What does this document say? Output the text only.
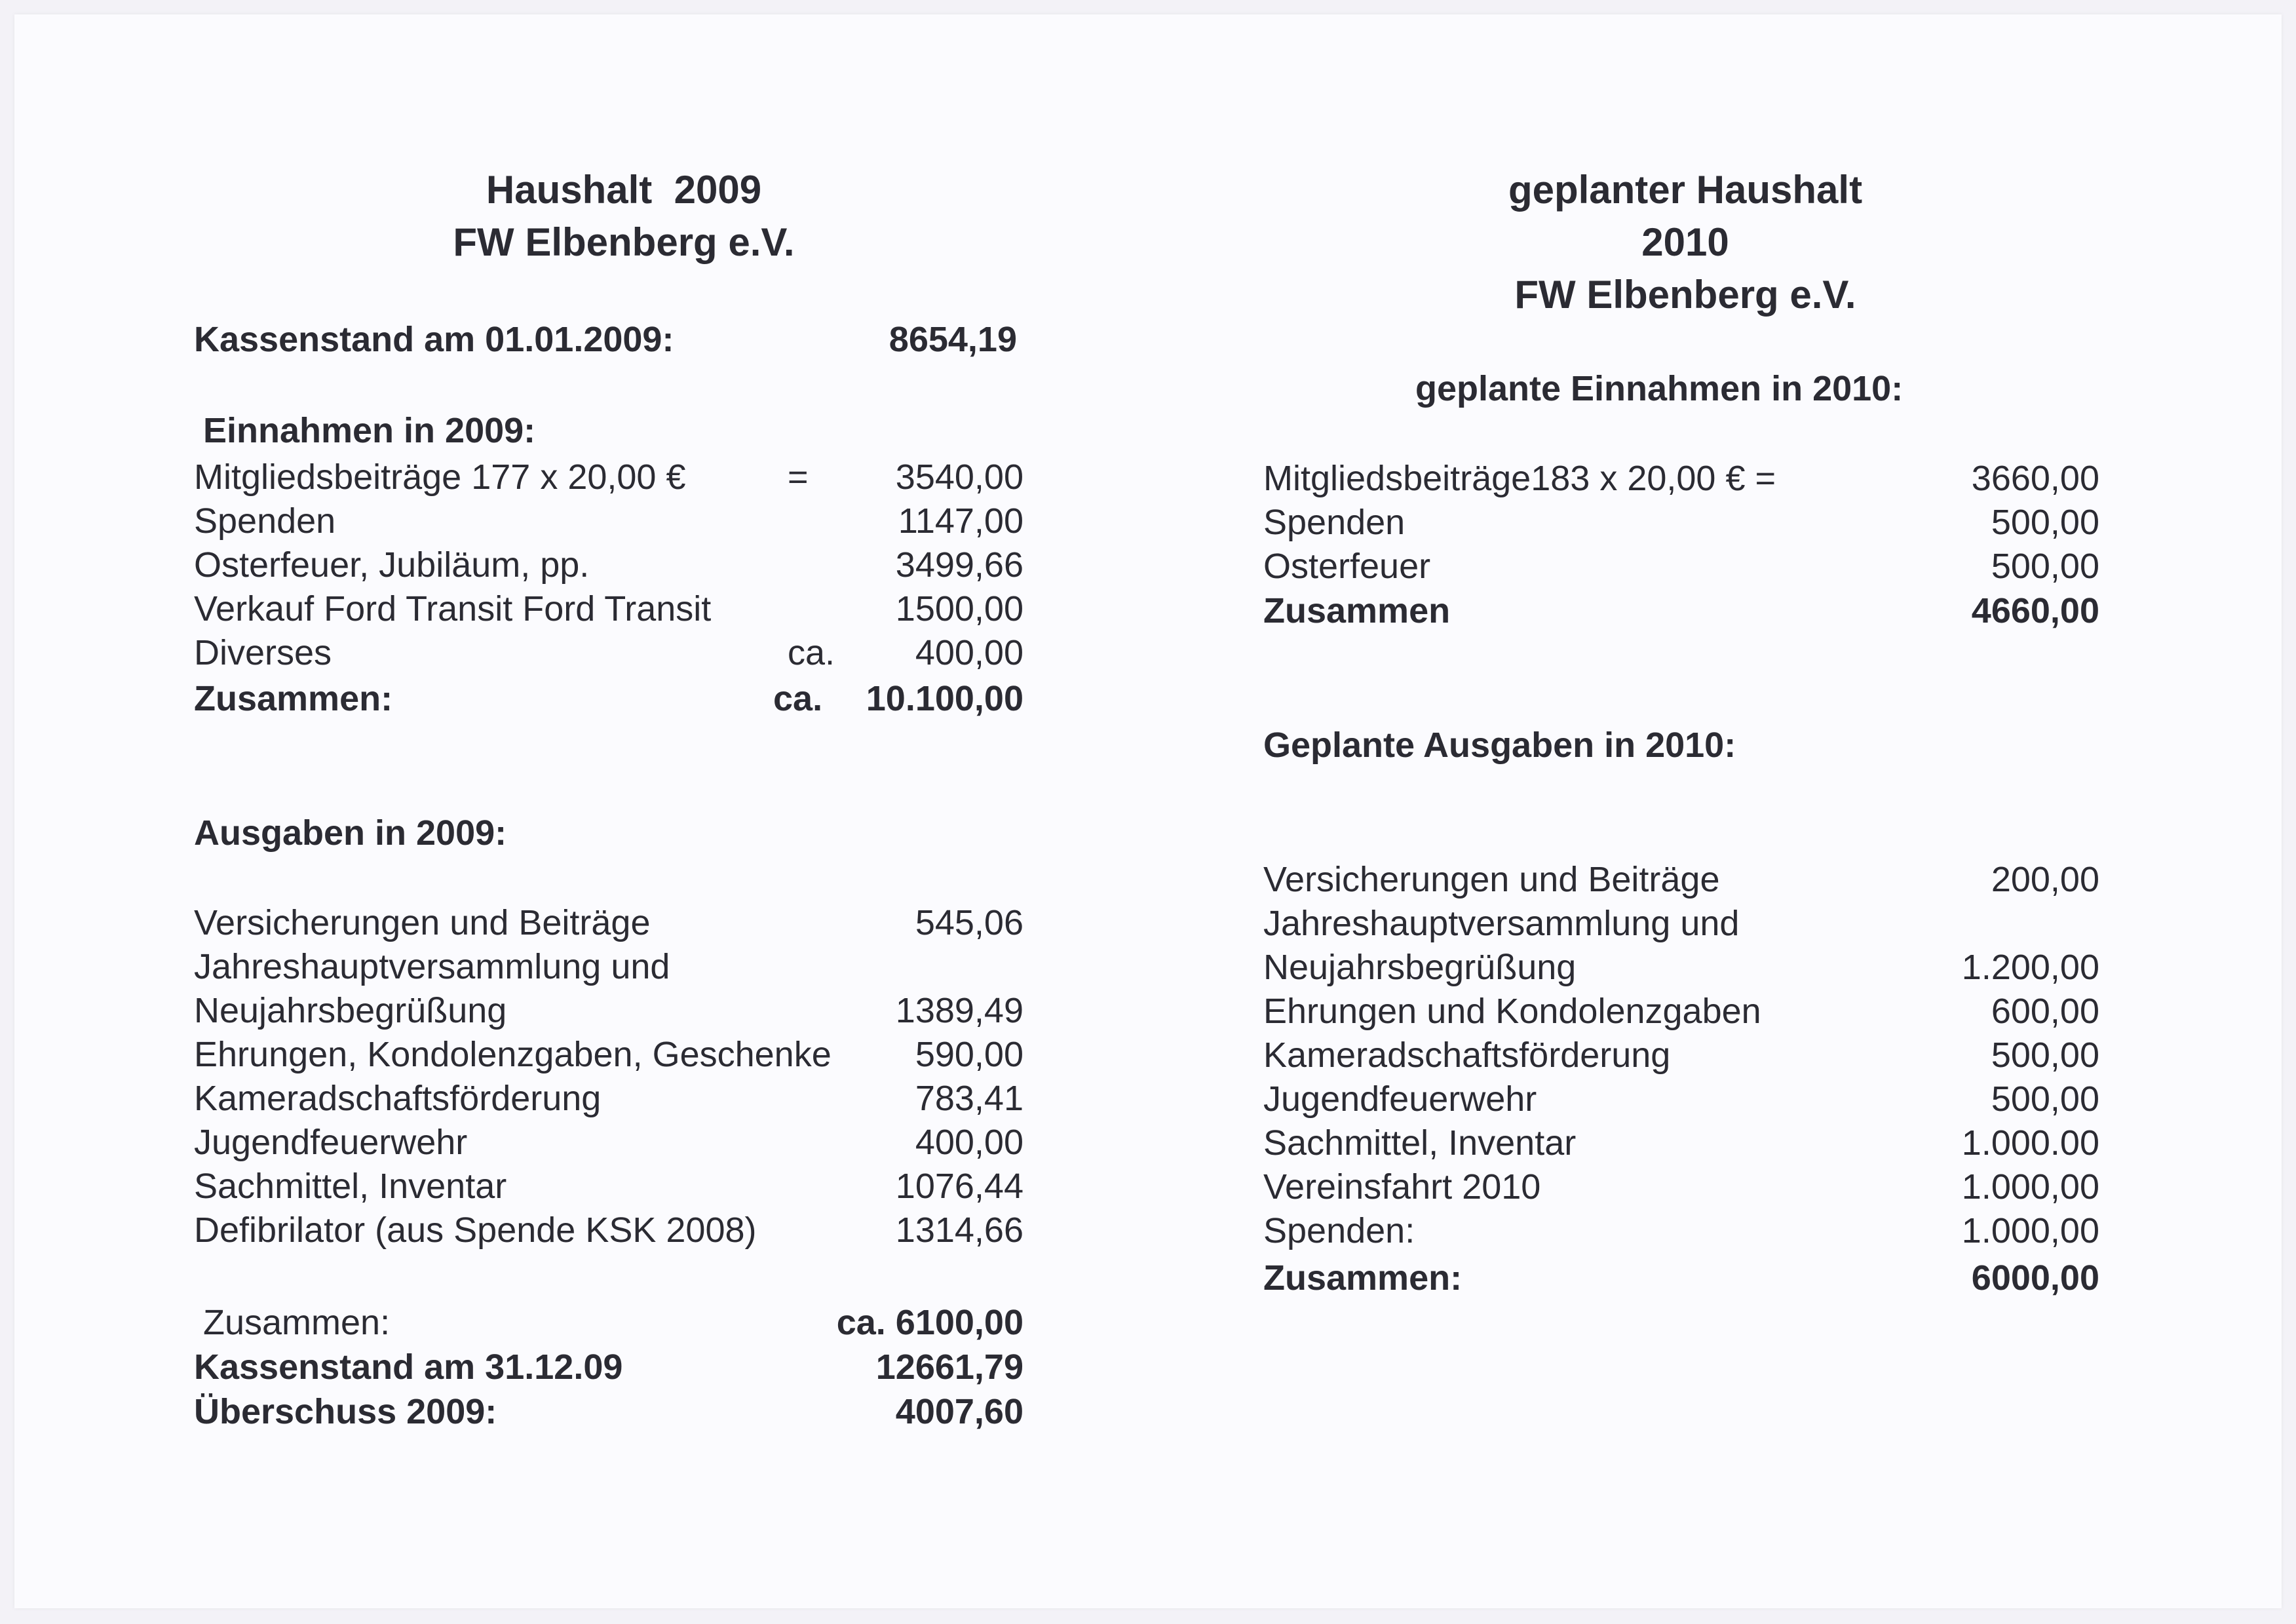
Haushalt  2009
FW Elbenberg e.V.
Kassenstand am 01.01.2009:	8654,19
Einnahmen in 2009:
Mitgliedsbeiträge 177 x 20,00 €	=	3540,00
Spenden	1147,00
Osterfeuer, Jubiläum, pp.	3499,66
Verkauf Ford Transit Ford Transit	1500,00
Diverses	ca.	400,00
Zusammen:	ca.	10.100,00
Ausgaben in 2009:
Versicherungen und Beiträge	545,06
Jahreshauptversammlung und
Neujahrsbegrüßung	1389,49
Ehrungen, Kondolenzgaben, Geschenke	590,00
Kameradschaftsförderung	783,41
Jugendfeuerwehr	400,00
Sachmittel, Inventar	1076,44
Defibrilator (aus Spende KSK 2008)	1314,66
Zusammen:	ca. 6100,00
Kassenstand am 31.12.09	12661,79
Überschuss 2009:	4007,60
geplanter Haushalt
2010
FW Elbenberg e.V.
geplante Einnahmen in 2010:
Mitgliedsbeiträge183 x 20,00 € =	3660,00
Spenden	500,00
Osterfeuer	500,00
Zusammen	4660,00
Geplante Ausgaben in 2010:
Versicherungen und Beiträge	200,00
Jahreshauptversammlung und
Neujahrsbegrüßung	1.200,00
Ehrungen und Kondolenzgaben	600,00
Kameradschaftsförderung	500,00
Jugendfeuerwehr	500,00
Sachmittel, Inventar	1.000.00
Vereinsfahrt 2010	1.000,00
Spenden:	1.000,00
Zusammen:	6000,00
